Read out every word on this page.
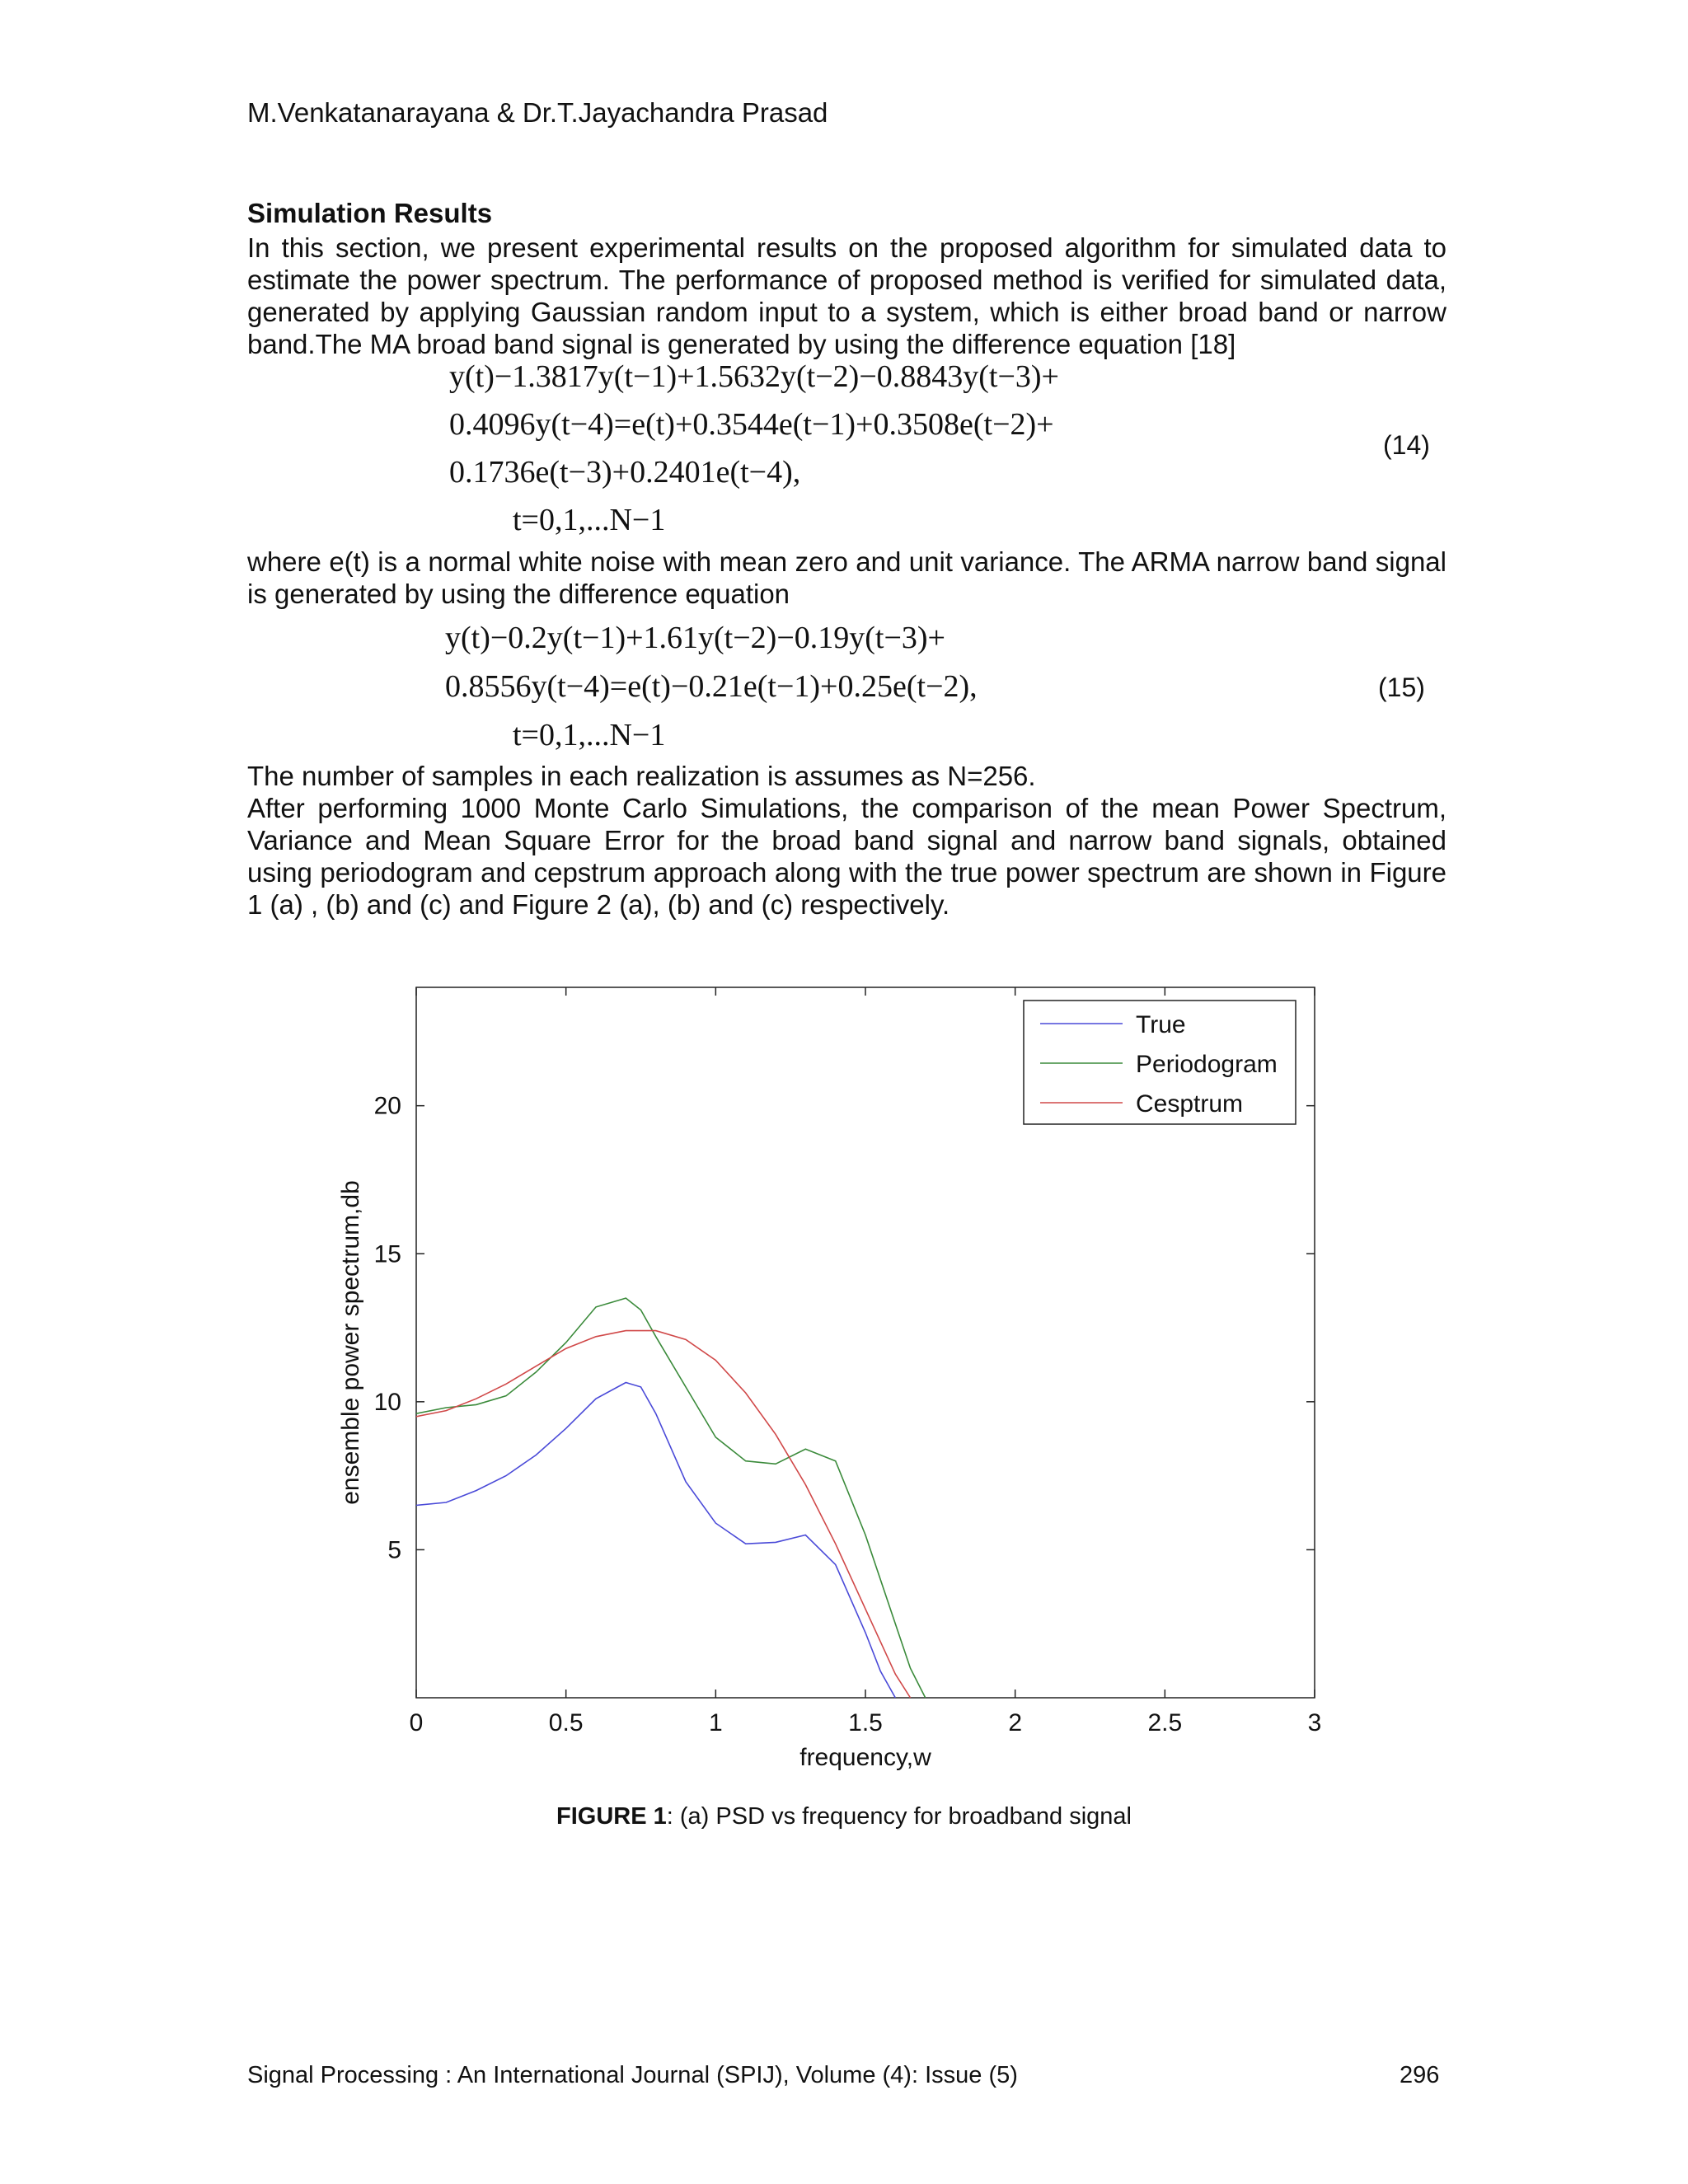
M.Venkatanarayana & Dr.T.Jayachandra Prasad
Simulation Results

In this section, we present experimental results on the proposed algorithm for simulated data to estimate the power spectrum. The performance of proposed method is verified for simulated data, generated by applying Gaussian random input to a system, which is either broad band or narrow band.The MA broad band signal is generated by using the difference equation [18]

y(t)−1.3817y(t−1)+1.5632y(t−2)−0.8843y(t−3)+
0.4096y(t−4)=e(t)+0.3544e(t−1)+0.3508e(t−2)+
0.1736e(t−3)+0.2401e(t−4),
t=0,1,...N−1
(14)

where e(t) is a normal white noise with mean zero and unit variance. The ARMA narrow band signal is generated by using the difference equation

y(t)−0.2y(t−1)+1.61y(t−2)−0.19y(t−3)+
0.8556y(t−4)=e(t)−0.21e(t−1)+0.25e(t−2),
t=0,1,...N−1
(15)

The number of samples in each realization is assumes as N=256.

After performing 1000 Monte Carlo Simulations, the comparison of the mean Power Spectrum, Variance and Mean Square Error for the broad band signal and narrow band signals, obtained using periodogram and cepstrum approach along with the true power spectrum are shown in Figure 1 (a) , (b) and (c) and Figure 2 (a), (b) and (c) respectively.

0	0.5	1	1.5	2	2.5	3
5
10
15
20
frequency,w
ensemble power spectrum,db
True
Periodogram
Cesptrum
FIGURE 1: (a) PSD vs frequency for broadband signal
Signal Processing : An International Journal (SPIJ), Volume (4): Issue (5)	296
